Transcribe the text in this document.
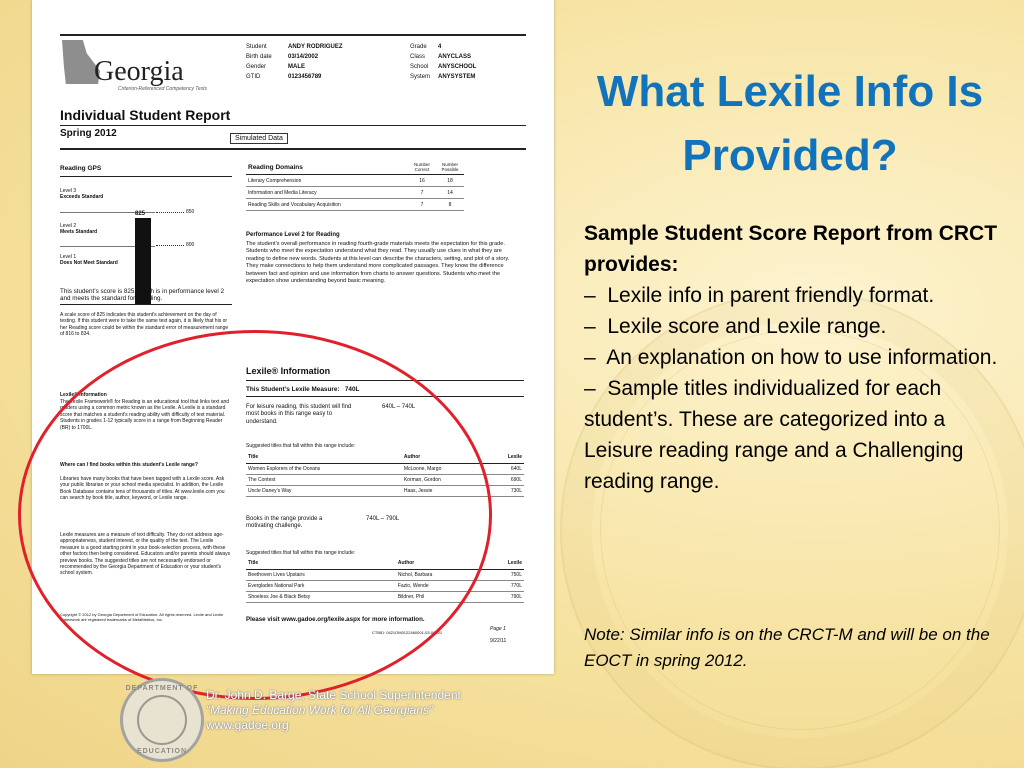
Georgia
Criterion-Referenced Competency Tests
Student	ANDY RODRIGUEZ
Birth date	03/14/2002
Gender	MALE
GTID	0123456789
Grade 4
Class ANYCLASS
School ANYSCHOOL
System ANYSYSTEM
Individual Student Report
Spring 2012	Simulated Data
Reading GPS
Level 3
Exceeds Standard
Level 2
Meets Standard
Level 1
Does Not Meet Standard
825	850
800
This student’s score is 825, which is in performance level 2 and meets the standard for Reading.
A scale score of 825 indicates this student's achievement on the day of testing. If this student were to take the same test again, it is likely that his or her Reading score could be within the standard error of measurement range of 816 to 834.
Reading Domains	Number Correct	Number Possible
Literary Comprehension	16	18
Information and Media Literacy	7	14
Reading Skills and Vocabulary Acquisition	7	8
Performance Level 2 for Reading
The student’s overall performance in reading fourth-grade materials meets the expectation for this grade. Students who meet the expectation understand what they read. They usually use clues in what they are reading to define new words. Students at this level can describe the characters, setting, and plot of a story. They make connections to help them understand more complicated passages. They know the difference between fact and opinion and use information from charts to answer questions. Students who meet the expectation show understanding beyond basic meaning.
Lexile® Information
This Student’s Lexile Measure: 740L
For leisure reading, this student will find most books in this range easy to understand.
640L – 740L
Suggested titles that fall within this range include:
Title	Author	Lexile
Women Explorers of the Oceans	McLoone, Margo	640L
The Contest	Korman, Gordon	690L
Uncle Daney’s Way	Haas, Jessie	730L
Books in the range provide a motivating challenge.
740L – 790L
Suggested titles that fall within this range include:
Title	Author	Lexile
Beethoven Lives Upstairs	Nichol, Barbara	750L
Everglades National Park	Fazio, Wende	770L
Shoeless Joe & Black Betsy	Bildner, Phil	790L
Please visit www.gadoe.org/lexile.aspx for more information.
CTBID: 0421OM0122460001-03-00001
Page 1
9/22/11
Lexile® Information
The Lexile Framework® for Reading is an educational tool that links text and readers using a common metric known as the Lexile. A Lexile is a standard score that matches a student's reading ability with difficulty of text material. Students in grades 1-12 typically score in a range from Beginning Reader (BR) to 1700L.
Where can I find books within this student's Lexile range?
Libraries have many books that have been tagged with a Lexile score. Ask your public librarian or your school media specialist. In addition, the Lexile Book Database contains tens of thousands of titles. At www.lexile.com you can search by book title, author, keyword, or Lexile range.
Lexile measures are a measure of text difficulty. They do not address age-appropriateness, student interest, or the quality of the text. The Lexile measure is a good starting point in your book-selection process, with these other factors then being considered. Educators and/or parents should always preview books. The suggested titles are not necessarily endorsed or recommended by the Georgia Department of Education or your student's school system.
Copyright © 2012 by Georgia Department of Education. All rights reserved. Lexile and Lexile Framework are registered trademarks of MetaMetrics, Inc.
What Lexile Info Is Provided?
Sample Student Score Report from CRCT provides:
– Lexile info in parent friendly format.
– Lexile score and Lexile range.
– An explanation on how to use information.
– Sample titles individualized for each student’s. These are categorized into a Leisure reading range and a Challenging reading range.
Note: Similar info is on the CRCT-M and will be on the EOCT in spring 2012.
DEPARTMENT OF
EDUCATION
Dr. John D. Barge, State School Superintendent
“Making Education Work for All Georgians”
www.gadoe.org
